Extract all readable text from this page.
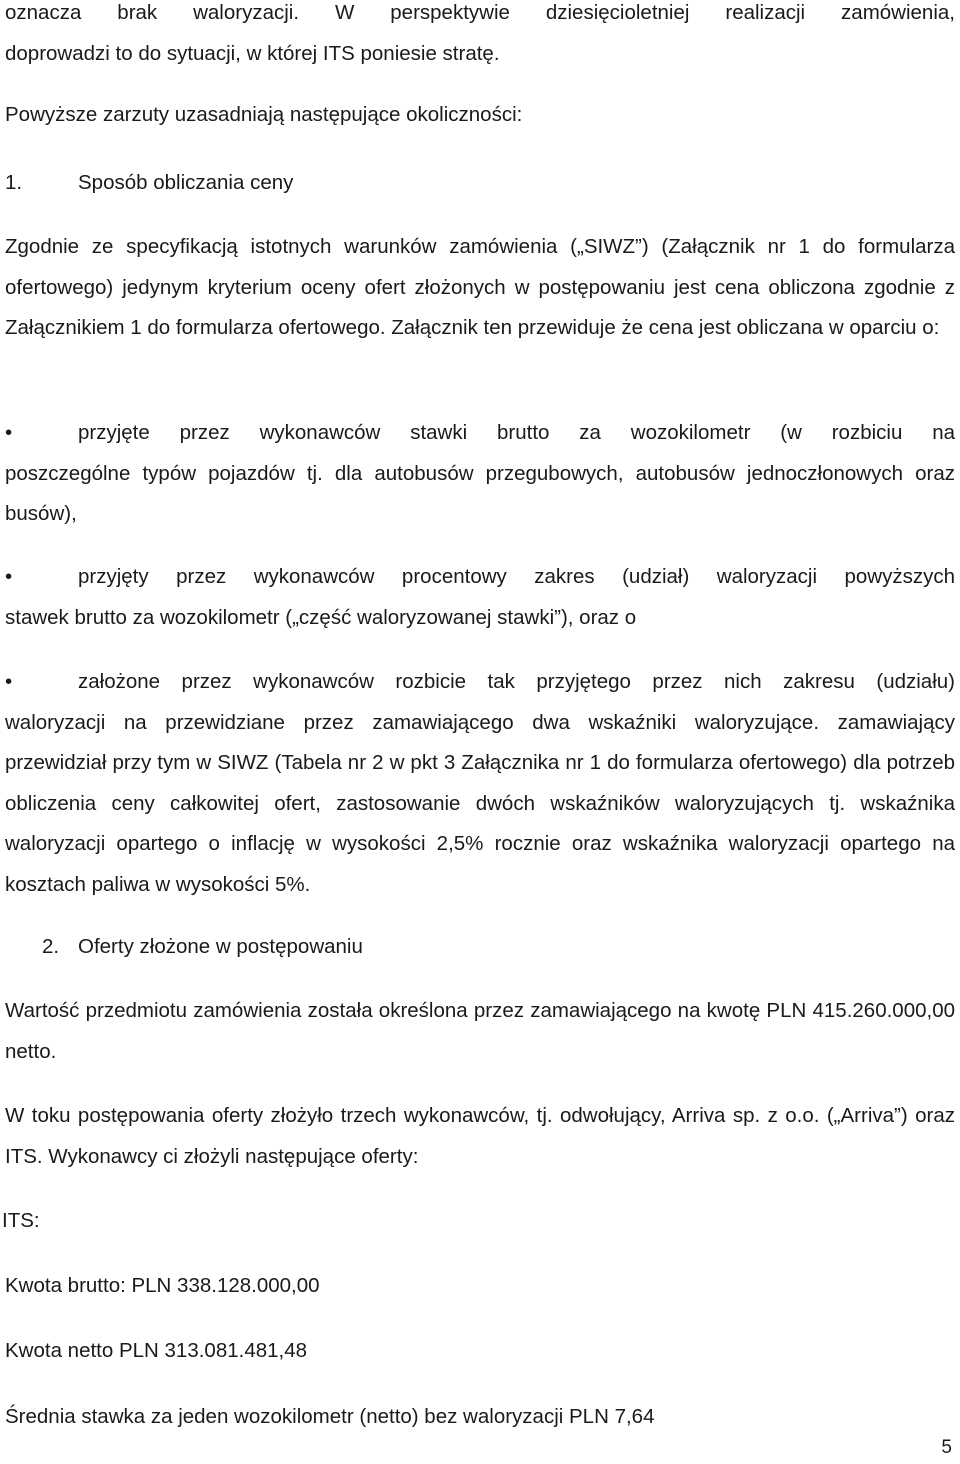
oznacza brak waloryzacji. W perspektywie dziesięcioletniej realizacji zamówienia,
doprowadzi to do sytuacji, w której ITS poniesie stratę.
Powyższe zarzuty uzasadniają następujące okoliczności:
1.	Sposób obliczania ceny
Zgodnie ze specyfikacją istotnych warunków zamówienia („SIWZ”) (Załącznik nr 1 do formularza ofertowego) jedynym kryterium oceny ofert złożonych w postępowaniu jest cena obliczona zgodnie z Załącznikiem 1 do formularza ofertowego. Załącznik ten przewiduje że cena jest obliczana w oparciu o:
•	przyjęte przez wykonawców stawki brutto za wozokilometr (w rozbiciu na
poszczególne typów pojazdów tj. dla autobusów przegubowych, autobusów jednoczłonowych oraz busów),
•	przyjęty przez wykonawców procentowy zakres (udział) waloryzacji powyższych
stawek brutto za wozokilometr („część waloryzowanej stawki”), oraz o
•	założone przez wykonawców rozbicie tak przyjętego przez nich zakresu (udziału)
waloryzacji na przewidziane przez zamawiającego dwa wskaźniki waloryzujące. zamawiający przewidział przy tym w SIWZ (Tabela nr 2 w pkt 3 Załącznika nr 1 do formularza ofertowego) dla potrzeb obliczenia ceny całkowitej ofert, zastosowanie dwóch wskaźników waloryzujących tj. wskaźnika waloryzacji opartego o inflację w wysokości 2,5% rocznie oraz wskaźnika waloryzacji opartego na kosztach paliwa w wysokości 5%.
2. Oferty złożone w postępowaniu
Wartość przedmiotu zamówienia została określona przez zamawiającego na kwotę PLN 415.260.000,00 netto.
W toku postępowania oferty złożyło trzech wykonawców, tj. odwołujący, Arriva sp. z o.o. („Arriva”) oraz ITS. Wykonawcy ci złożyli następujące oferty:
ITS:
Kwota brutto: PLN 338.128.000,00
Kwota netto PLN 313.081.481,48
Średnia stawka za jeden wozokilometr (netto) bez waloryzacji PLN 7,64
5
